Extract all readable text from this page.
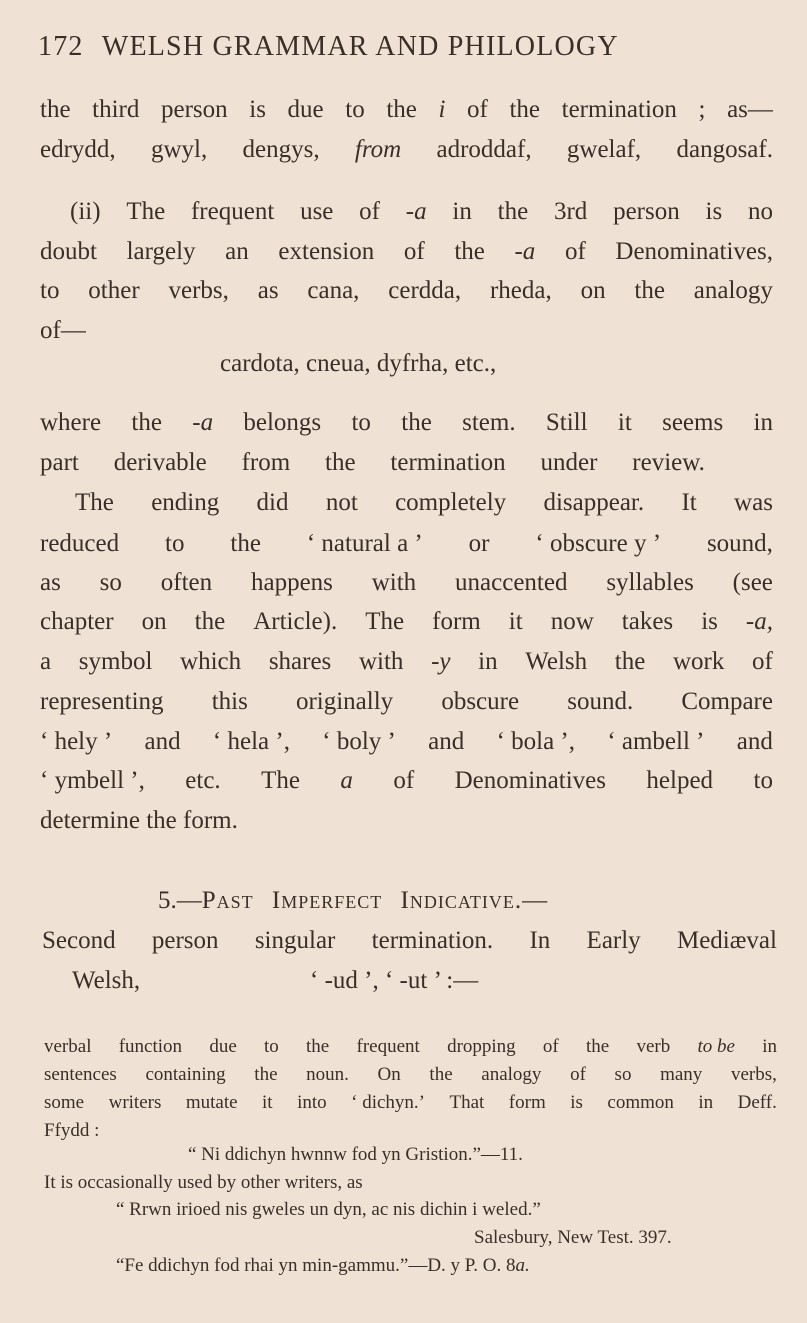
172 WELSH GRAMMAR AND PHILOLOGY
the third person is due to the i of the termination ; as—
edrydd, gwyl, dengys, from adroddaf, gwelaf, dangosaf.
(ii) The frequent use of -a in the 3rd person is no
doubt largely an extension of the -a of Denominatives,
to other verbs, as cana, cerdda, rheda, on the analogy
of—
cardota, cneua, dyfrha, etc.,
where the -a belongs to the stem. Still it seems in
part derivable from the termination under review.
The ending did not completely disappear. It was
reduced to the ‘ natural a ’ or ‘ obscure y ’ sound,
as so often happens with unaccented syllables (see
chapter on the Article). The form it now takes is -a,
a symbol which shares with -y in Welsh the work of
representing this originally obscure sound. Compare
‘ hely ’ and ‘ hela ’, ‘ boly ’ and ‘ bola ’, ‘ ambell ’ and
‘ ymbell ’, etc. The a of Denominatives helped to
determine the form.
5.—Past Imperfect Indicative.—
Second person singular termination. In Early Mediæval
Welsh,	‘ -ud ’, ‘ -ut ’ :—
verbal function due to the frequent dropping of the verb to be in
sentences containing the noun. On the analogy of so many verbs,
some writers mutate it into ‘ dichyn.’ That form is common in Deff.
Ffydd :
“ Ni ddichyn hwnnw fod yn Gristion.”—11.
It is occasionally used by other writers, as
“ Rrwn irioed nis gweles un dyn, ac nis dichin i weled.”
Salesbury, New Test. 397.
“Fe ddichyn fod rhai yn min-gammu.”—D. y P. O. 8a.
